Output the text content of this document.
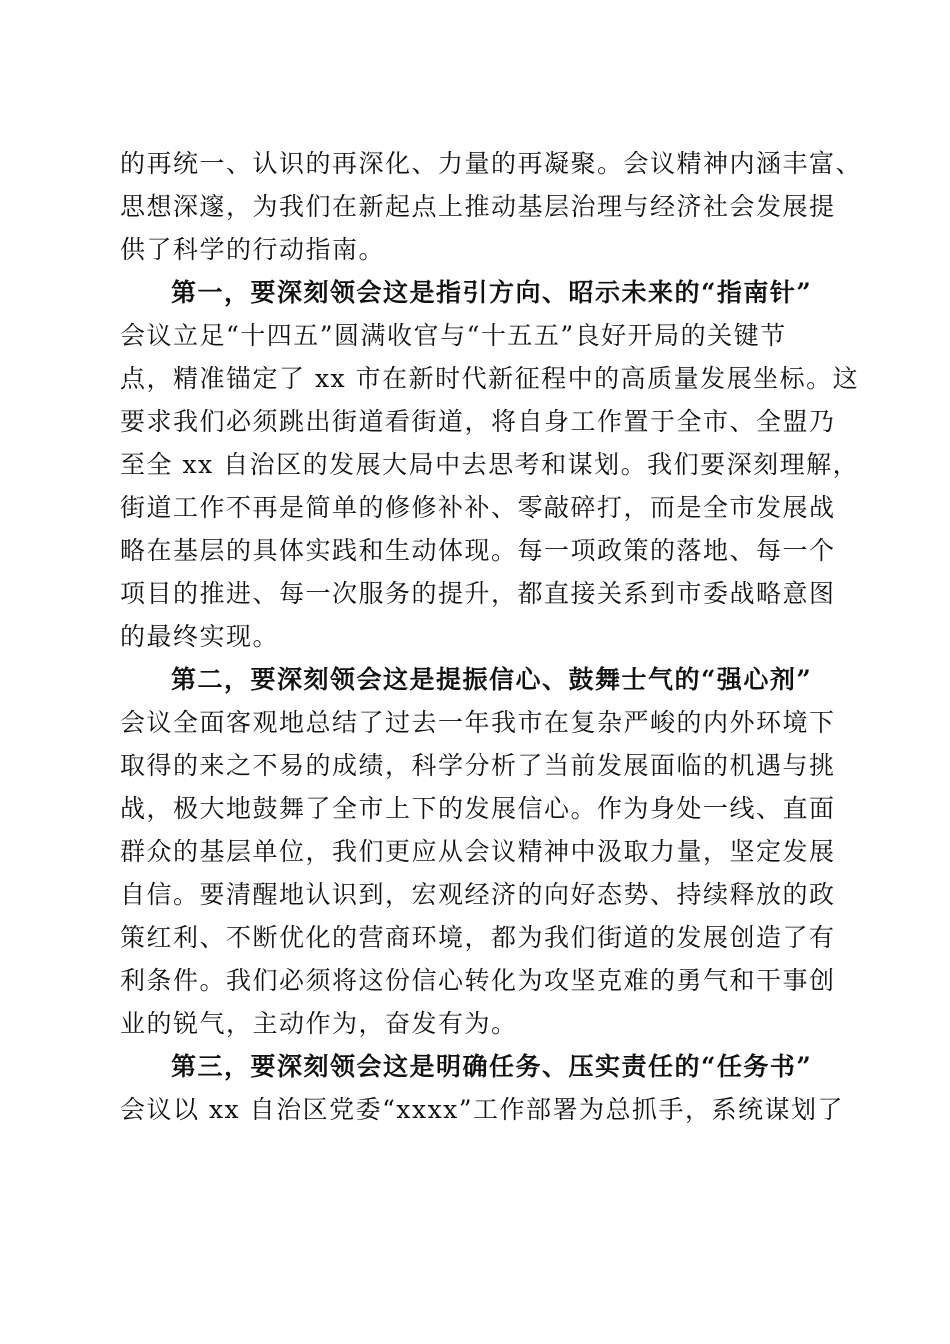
的再统一、认识的再深化、力量的再凝聚。会议精神内涵丰富、
思想深邃，为我们在新起点上推动基层治理与经济社会发展提
供了科学的行动指南。
第一，要深刻领会这是指引方向、昭示未来的“指南针”
会议立足“十四五”圆满收官与“十五五”良好开局的关键节
点，精准锚定了 xx 市在新时代新征程中的高质量发展坐标。这
要求我们必须跳出街道看街道，将自身工作置于全市、全盟乃
至全 xx 自治区的发展大局中去思考和谋划。我们要深刻理解，
街道工作不再是简单的修修补补、零敲碎打，而是全市发展战
略在基层的具体实践和生动体现。每一项政策的落地、每一个
项目的推进、每一次服务的提升，都直接关系到市委战略意图
的最终实现。
第二，要深刻领会这是提振信心、鼓舞士气的“强心剂”
会议全面客观地总结了过去一年我市在复杂严峻的内外环境下
取得的来之不易的成绩，科学分析了当前发展面临的机遇与挑
战，极大地鼓舞了全市上下的发展信心。作为身处一线、直面
群众的基层单位，我们更应从会议精神中汲取力量，坚定发展
自信。要清醒地认识到，宏观经济的向好态势、持续释放的政
策红利、不断优化的营商环境，都为我们街道的发展创造了有
利条件。我们必须将这份信心转化为攻坚克难的勇气和干事创
业的锐气，主动作为，奋发有为。
第三，要深刻领会这是明确任务、压实责任的“任务书”
会议以 xx 自治区党委“xxxx”工作部署为总抓手，系统谋划了
